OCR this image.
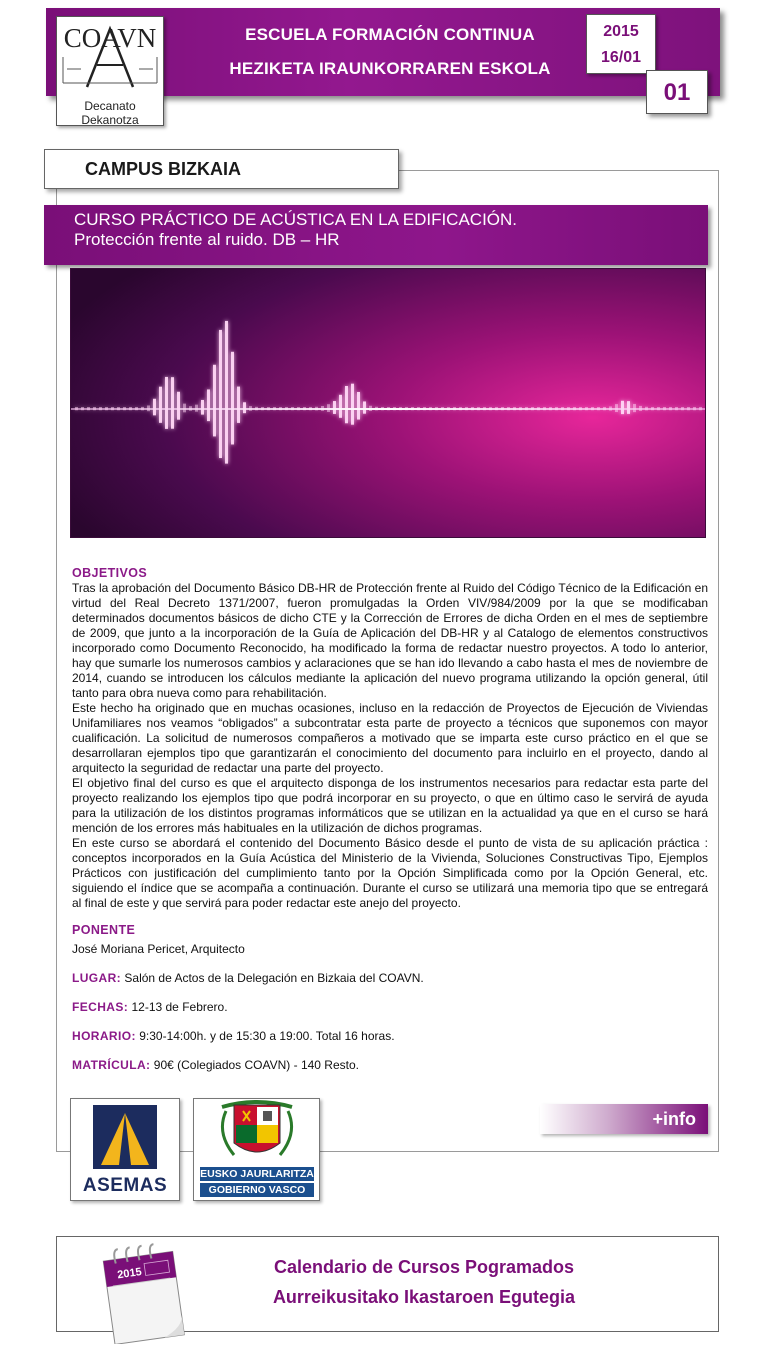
COAVN
Decanato
Dekanotza
ESCUELA FORMACIÓN CONTINUA
HEZIKETA IRAUNKORRAREN ESKOLA
2015
16/01
01
CAMPUS BIZKAIA
CURSO PRÁCTICO DE ACÚSTICA EN LA EDIFICACIÓN.
Protección frente al ruido. DB – HR
OBJETIVOS

Tras la aprobación del Documento Básico DB-HR de Protección frente al Ruido del Código Técnico de la Edificación en virtud del Real Decreto 1371/2007, fueron promulgadas la Orden VIV/984/2009 por la que se modificaban determinados documentos básicos de dicho CTE y la Corrección de Errores de dicha Orden en el mes de septiembre de 2009, que junto a la incorporación de la Guía de Aplicación del DB-HR y al Catalogo de elementos constructivos incorporado como Documento Reconocido, ha modificado la forma de redactar nuestro proyectos. A todo lo anterior, hay que sumarle los numerosos cambios y aclaraciones que se han ido llevando a cabo hasta el mes de noviembre de 2014, cuando se introducen los cálculos mediante la aplicación del nuevo programa utilizando la opción general, útil tanto para obra nueva como para rehabilitación.

Este hecho ha originado que en muchas ocasiones, incluso en la redacción de Proyectos de Ejecución de Viviendas Unifamiliares nos veamos “obligados” a subcontratar esta parte de proyecto a técnicos que suponemos con mayor cualificación. La solicitud de numerosos compañeros a motivado que se imparta este curso práctico en el que se desarrollaran ejemplos tipo que garantizarán el conocimiento del documento para incluirlo en el proyecto, dando al arquitecto la seguridad de redactar una parte del proyecto.

El objetivo final del curso es que el arquitecto disponga de los instrumentos necesarios para redactar esta parte del proyecto realizando los ejemplos tipo que podrá incorporar en su proyecto, o que en último caso le servirá de ayuda para la utilización de los distintos programas informáticos que se utilizan en la actualidad ya que en el curso se hará mención de los errores más habituales en la utilización de dichos programas.

En este curso se abordará el contenido del Documento Básico desde el punto de vista de su aplicación práctica : conceptos incorporados en la Guía Acústica del Ministerio de la Vivienda, Soluciones Constructivas Tipo, Ejemplos Prácticos con justificación del cumplimiento tanto por la Opción Simplificada como por la Opción General, etc. siguiendo el índice que se acompaña a continuación. Durante el curso se utilizará una memoria tipo que se entregará al final de este y que servirá para poder redactar este anejo del proyecto.

PONENTE
José Moriana Pericet, Arquitecto
LUGAR: Salón de Actos de la Delegación en Bizkaia del COAVN.
FECHAS: 12-13 de Febrero.
HORARIO: 9:30-14:00h. y de 15:30 a 19:00. Total 16 horas.
MATRÍCULA: 90€ (Colegiados COAVN) - 140 Resto.
ASEMAS
EUSKO JAURLARITZA
GOBIERNO VASCO
+info
2015	Calendario de Cursos Pogramados
Aurreikusitako Ikastaroen Egutegia
